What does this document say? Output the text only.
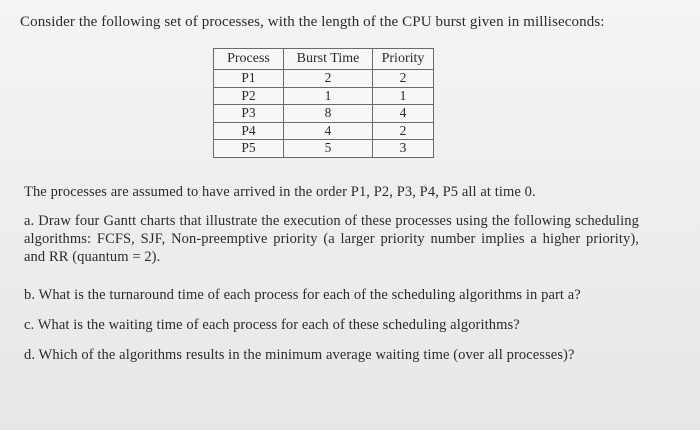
Consider the following set of processes, with the length of the CPU burst given in milliseconds:
Process	Burst Time	Priority
P1	2	2
P2	1	1
P3	8	4
P4	4	2
P5	5	3
The processes are assumed to have arrived in the order P1, P2, P3, P4, P5 all at time 0.
a. Draw four Gantt charts that illustrate the execution of these processes using the following scheduling algorithms: FCFS, SJF, Non-preemptive priority (a larger priority number implies a higher priority), and RR (quantum = 2).
b. What is the turnaround time of each process for each of the scheduling algorithms in part a?
c. What is the waiting time of each process for each of these scheduling algorithms?
d. Which of the algorithms results in the minimum average waiting time (over all processes)?
